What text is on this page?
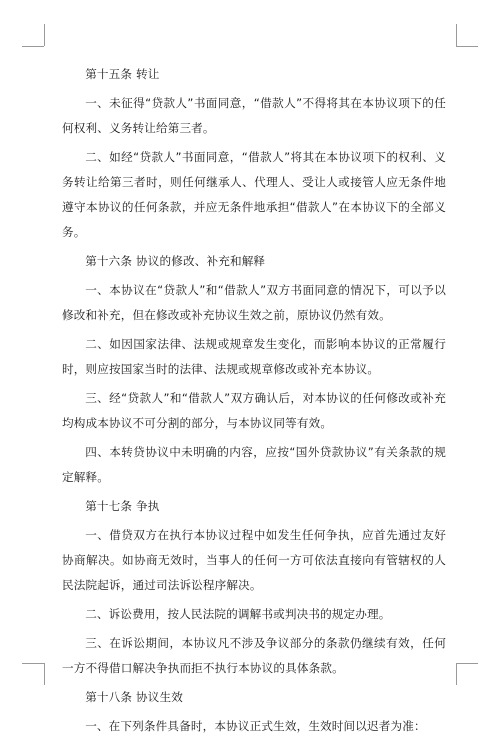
第十五条 转让

一、未征得“贷款人”书面同意，“借款人”不得将其在本协议项下的任何权利、义务转让给第三者。

二、如经“贷款人”书面同意，“借款人”将其在本协议项下的权利、义务转让给第三者时，则任何继承人、代理人、受让人或接管人应无条件地遵守本协议的任何条款，并应无条件地承担“借款人”在本协议下的全部义务。

第十六条 协议的修改、补充和解释

一、本协议在“贷款人”和“借款人”双方书面同意的情况下，可以予以修改和补充，但在修改或补充协议生效之前，原协议仍然有效。

二、如因国家法律、法规或规章发生变化，而影响本协议的正常履行时，则应按国家当时的法律、法规或规章修改或补充本协议。

三、经“贷款人”和“借款人”双方确认后，对本协议的任何修改或补充均构成本协议不可分割的部分，与本协议同等有效。

四、本转贷协议中未明确的内容，应按“国外贷款协议”有关条款的规定解释。

第十七条 争执

一、借贷双方在执行本协议过程中如发生任何争执，应首先通过友好协商解决。如协商无效时，当事人的任何一方可依法直接向有管辖权的人民法院起诉，通过司法诉讼程序解决。

二、诉讼费用，按人民法院的调解书或判决书的规定办理。

三、在诉讼期间，本协议凡不涉及争议部分的条款仍继续有效，任何一方不得借口解决争执而拒不执行本协议的具体条款。

第十八条 协议生效

一、在下列条件具备时，本协议正式生效，生效时间以迟者为准：
